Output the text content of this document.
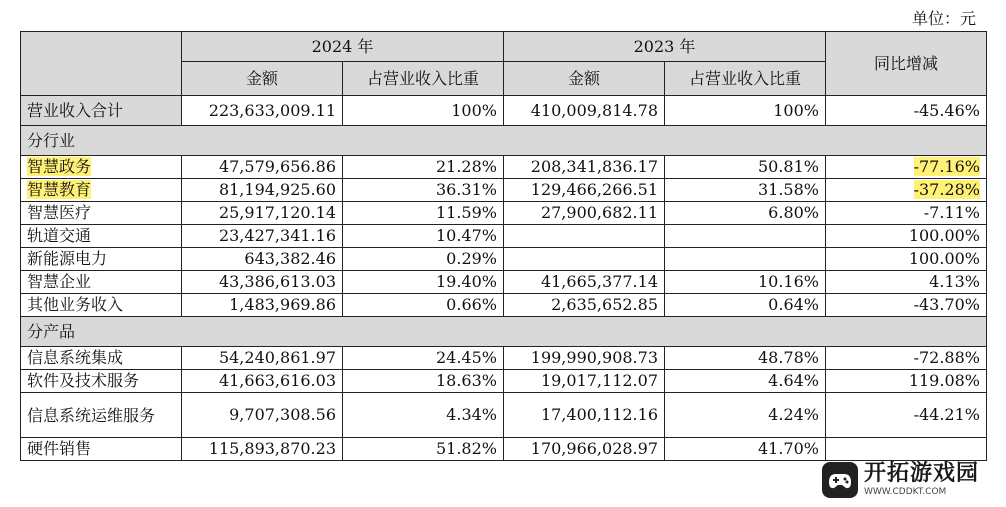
单位：元
	2024 年		2023 年		同比增减
	金额	占营业收入比重	金额	占营业收入比重	
营业收入合计	223,633,009.11	100%	410,009,814.78	100%	-45.46%
分行业					
智慧政务	47,579,656.86	21.28%	208,341,836.17	50.81%	-77.16%
智慧教育	81,194,925.60	36.31%	129,466,266.51	31.58%	-37.28%
智慧医疗	25,917,120.14	11.59%	27,900,682.11	6.80%	-7.11%
轨道交通	23,427,341.16	10.47%			100.00%
新能源电力	643,382.46	0.29%			100.00%
智慧企业	43,386,613.03	19.40%	41,665,377.14	10.16%	4.13%
其他业务收入	1,483,969.86	0.66%	2,635,652.85	0.64%	-43.70%
分产品					
信息系统集成	54,240,861.97	24.45%	199,990,908.73	48.78%	-72.88%
软件及技术服务	41,663,616.03	18.63%	19,017,112.07	4.64%	119.08%
信息系统运维服务	9,707,308.56	4.34%	17,400,112.16	4.24%	-44.21%
硬件销售	115,893,870.23	51.82%	170,966,028.97	41.70%	
开拓游戏园
WWW.CDDKT.COM
